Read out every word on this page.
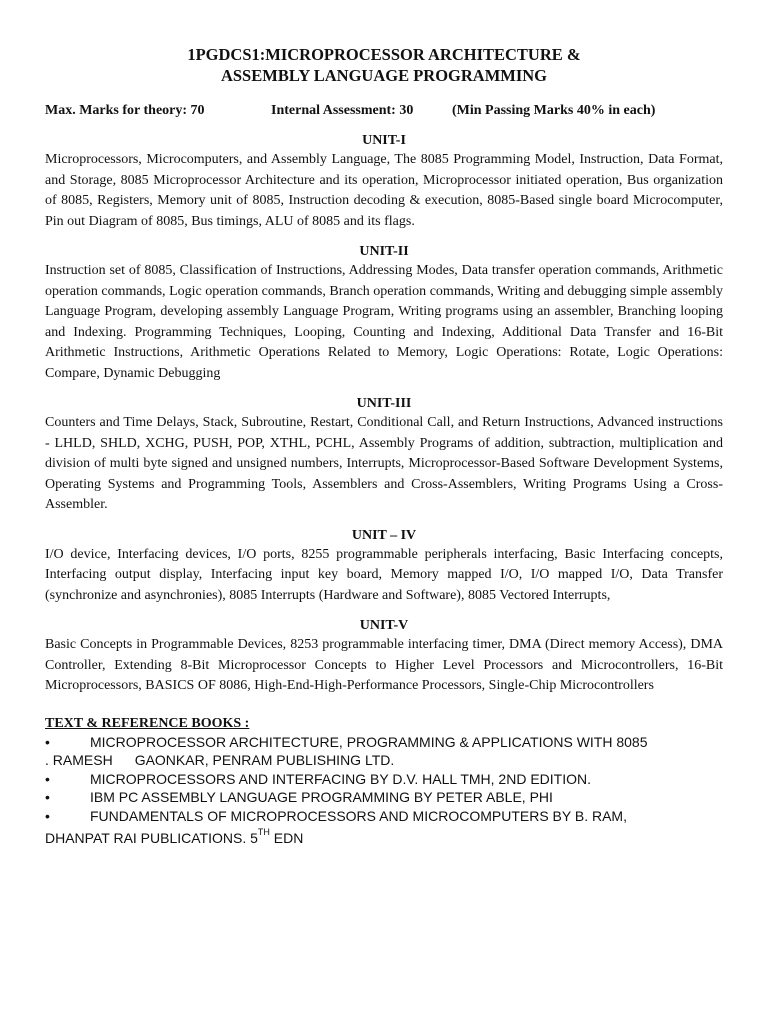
1PGDCS1:MICROPROCESSOR ARCHITECTURE &
ASSEMBLY LANGUAGE PROGRAMMING
Max. Marks for theory: 70	Internal Assessment: 30	(Min Passing Marks 40% in each)
UNIT-I

Microprocessors, Microcomputers, and Assembly Language, The 8085 Programming Model, Instruction, Data Format, and Storage, 8085 Microprocessor Architecture and its operation, Microprocessor initiated operation, Bus organization of 8085, Registers, Memory unit of 8085, Instruction decoding & execution, 8085-Based single board Microcomputer, Pin out Diagram of 8085, Bus timings, ALU of 8085 and its flags.

UNIT-II

Instruction set of 8085, Classification of Instructions, Addressing Modes, Data transfer operation commands, Arithmetic operation commands, Logic operation commands, Branch operation commands, Writing and debugging simple assembly Language Program, developing assembly Language Program, Writing programs using an assembler, Branching looping and Indexing. Programming Techniques, Looping, Counting and Indexing, Additional Data Transfer and 16-Bit Arithmetic Instructions, Arithmetic Operations Related to Memory, Logic Operations: Rotate, Logic Operations: Compare, Dynamic Debugging

UNIT-III

Counters and Time Delays, Stack, Subroutine, Restart, Conditional Call, and Return Instructions, Advanced instructions - LHLD, SHLD, XCHG, PUSH, POP, XTHL, PCHL, Assembly Programs of addition, subtraction, multiplication and division of multi byte signed and unsigned numbers, Interrupts, Microprocessor-Based Software Development Systems, Operating Systems and Programming Tools, Assemblers and Cross-Assemblers, Writing Programs Using a Cross- Assembler.

UNIT – IV

I/O device, Interfacing devices, I/O ports, 8255 programmable peripherals interfacing, Basic Interfacing concepts, Interfacing output display, Interfacing input key board, Memory mapped I/O, I/O mapped I/O, Data Transfer (synchronize and asynchronies), 8085 Interrupts (Hardware and Software), 8085 Vectored Interrupts,

UNIT-V

Basic Concepts in Programmable Devices, 8253 programmable interfacing timer, DMA (Direct memory Access), DMA Controller, Extending 8-Bit Microprocessor Concepts to Higher Level Processors and Microcontrollers, 16-Bit Microprocessors, BASICS OF 8086, High-End-High-Performance Processors, Single-Chip Microcontrollers

TEXT & REFERENCE BOOKS :
•	MICROPROCESSOR ARCHITECTURE, PROGRAMMING & APPLICATIONS WITH 8085
. RAMESH GAONKAR, PENRAM PUBLISHING LTD.
•	MICROPROCESSORS AND INTERFACING BY D.V. HALL TMH, 2ND EDITION.
•	IBM PC ASSEMBLY LANGUAGE PROGRAMMING BY PETER ABLE, PHI
•	FUNDAMENTALS OF MICROPROCESSORS AND MICROCOMPUTERS BY B. RAM,
DHANPAT RAI PUBLICATIONS. 5TH EDN
